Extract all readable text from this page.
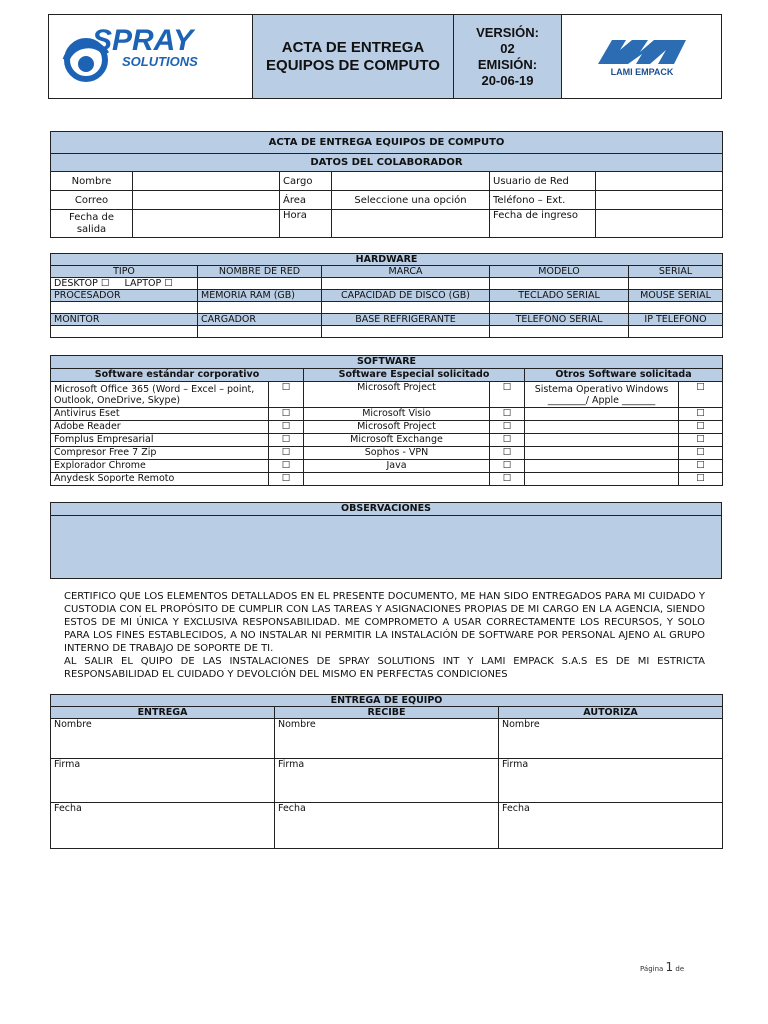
SPRAY
SOLUTIONS
	ACTA DE ENTREGA
EQUIPOS DE COMPUTO	VERSIÓN:
02
EMISIÓN:
20-06-19	
LAMI EMPACK
ACTA DE ENTREGA EQUIPOS DE COMPUTO					
DATOS DEL COLABORADOR					
Nombre		Cargo		Usuario de Red	
Correo		Área	Seleccione una opción	Teléfono – Ext.	
Fecha de salida		Hora		Fecha de ingreso	
HARDWARE				
TIPO	NOMBRE DE RED	MARCA	MODELO	SERIAL
DESKTOP ☐ LAPTOP ☐				
PROCESADOR	MEMORIA RAM (GB)	CAPACIDAD DE DISCO (GB)	TECLADO SERIAL	MOUSE SERIAL

MONITOR	CARGADOR	BASE REFRIGERANTE	TELEFONO SERIAL	IP TELEFONO

SOFTWARE					
Software estándar corporativo		Software Especial solicitado		Otros Software solicitada	
Microsoft Office 365 (Word – Excel – point, Outlook, OneDrive, Skype)	☐	Microsoft Project	☐	Sistema Operativo Windows
________/ Apple _______	☐
Antivirus Eset	☐	Microsoft Visio	☐		☐
Adobe Reader	☐	Microsoft Project	☐		☐
Fomplus Empresarial	☐	Microsoft Exchange	☐		☐
Compresor Free 7 Zip	☐	Sophos - VPN	☐		☐
Explorador Chrome	☐	Java	☐		☐
Anydesk Soporte Remoto	☐		☐		☐
OBSERVACIONES

CERTIFICO QUE LOS ELEMENTOS DETALLADOS EN EL PRESENTE DOCUMENTO, ME HAN SIDO ENTREGADOS PARA MI CUIDADO Y CUSTODIA CON EL PROPÓSITO DE CUMPLIR CON LAS TAREAS Y ASIGNACIONES PROPIAS DE MI CARGO EN LA AGENCIA, SIENDO ESTOS DE MI ÚNICA Y EXCLUSIVA RESPONSABILIDAD. ME COMPROMETO A USAR CORRECTAMENTE LOS RECURSOS, Y SOLO PARA LOS FINES ESTABLECIDOS, A NO INSTALAR NI PERMITIR LA INSTALACIÓN DE SOFTWARE POR PERSONAL AJENO AL GRUPO INTERNO DE TRABAJO DE SOPORTE DE TI.

AL SALIR EL QUIPO DE LAS INSTALACIONES DE SPRAY SOLUTIONS INT Y LAMI EMPACK S.A.S ES DE MI ESTRICTA RESPONSABILIDAD EL CUIDADO Y DEVOLCIÓN DEL MISMO EN PERFECTAS CONDICIONES

ENTREGA DE EQUIPO		
ENTREGA	RECIBE	AUTORIZA
Nombre	Nombre	Nombre
Firma	Firma	Firma
Fecha	Fecha	Fecha
Página 1 de
